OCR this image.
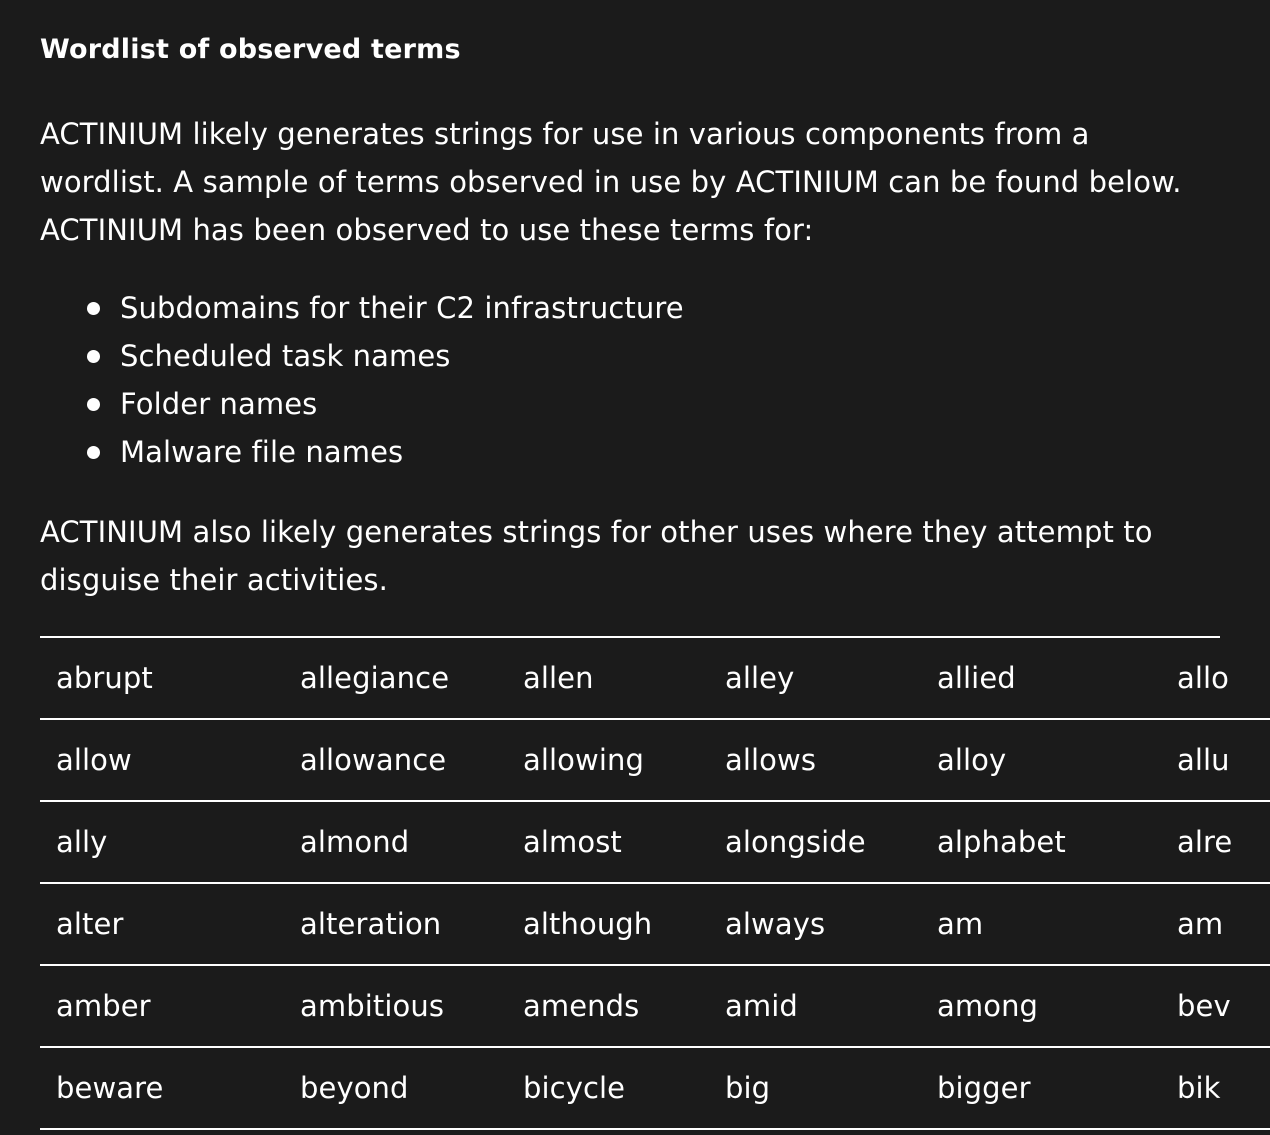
Wordlist of observed terms

ACTINIUM likely generates strings for use in various components from a wordlist. A sample of terms observed in use by ACTINIUM can be found below. ACTINIUM has been observed to use these terms for:

Subdomains for their C2 infrastructure
Scheduled task names
Folder names
Malware file names

ACTINIUM also likely generates strings for other uses where they attempt to disguise their activities.

abrupt	allegiance	allen	alley	allied	allo
allow	allowance	allowing	allows	alloy	allu
ally	almond	almost	alongside	alphabet	alre
alter	alteration	although	always	am	am
amber	ambitious	amends	amid	among	bev
beware	beyond	bicycle	big	bigger	bik
